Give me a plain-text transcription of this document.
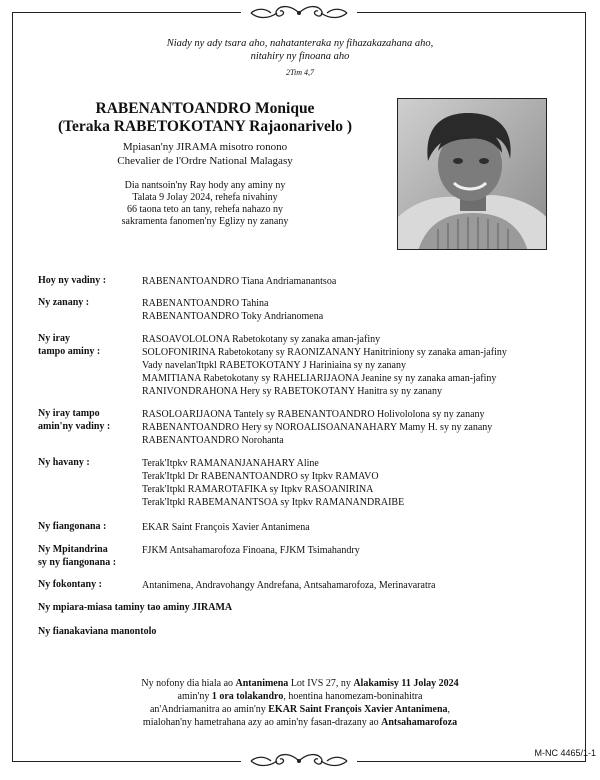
Niady ny ady tsara aho, nahatanteraka ny fihazakazahana aho,
nitahiry ny finoana aho
2Tim 4,7
RABENANTOANDRO Monique
(Teraka RABETOKOTANY Rajaonarivelo )
Mpiasan'ny JIRAMA misotro ronono
Chevalier de l'Ordre National Malagasy
Dia nantsoin'ny Ray hody any aminy ny
Talata 9 Jolay 2024, rehefa nivahiny
66 taona teto an tany, rehefa nahazo ny
sakramenta fanomen'ny Eglizy ny zanany
Hoy ny vadiny :	RABENANTOANDRO Tiana Andriamanantsoa
Ny zanany :	RABENANTOANDRO Tahina
RABENANTOANDRO Toky Andrianomena
Ny iray
tampo aminy :
RASOAVOLOLONA Rabetokotany sy zanaka aman-jafiny
SOLOFONIRINA Rabetokotany sy RAONIZANANY Hanitriniony sy zanaka aman-jafiny
Vady navelan'Itpkl RABETOKOTANY J Hariniaina sy ny zanany
MAMITIANA Rabetokotany sy RAHELIARIJAONA Jeanine sy ny zanaka aman-jafiny
RANIVONDRAHONA Hery sy RABETOKOTANY Hanitra sy ny zanany
Ny iray tampo
amin'ny vadiny :
RASOLOARIJAONA Tantely sy RABENANTOANDRO Holivololona sy ny zanany
RABENANTOANDRO Hery sy NOROALISOANANAHARY Mamy H. sy ny zanany
RABENANTOANDRO Norohanta
Ny havany :	Terak'Itpkv RAMANANJANAHARY Aline
Terak'Itpkl Dr RABENANTOANDRO sy Itpkv RAMAVO
Terak'Itpkl RAMAROTAFIKA sy Itpkv RASOANIRINA
Terak'Itpkl RABEMANANTSOA sy Itpkv RAMANANDRAIBE
Ny fiangonana :	EKAR Saint François Xavier Antanimena
Ny Mpitandrina
sy ny fiangonana :
FJKM Antsahamarofoza Finoana, FJKM Tsimahandry
Ny fokontany :	Antanimena, Andravohangy Andrefana, Antsahamarofoza, Merinavaratra
Ny mpiara-miasa taminy tao aminy JIRAMA
Ny fianakaviana manontolo
Ny nofony dia hiala ao Antanimena Lot IVS 27, ny Alakamisy 11 Jolay 2024
amin'ny 1 ora tolakandro, hoentina hanomezam-boninahitra
an'Andriamanitra ao amin'ny EKAR Saint François Xavier Antanimena,
mialohan'ny hametrahana azy ao amin'ny fasan-drazany ao Antsahamarofoza
M-NC 4465/1-1
